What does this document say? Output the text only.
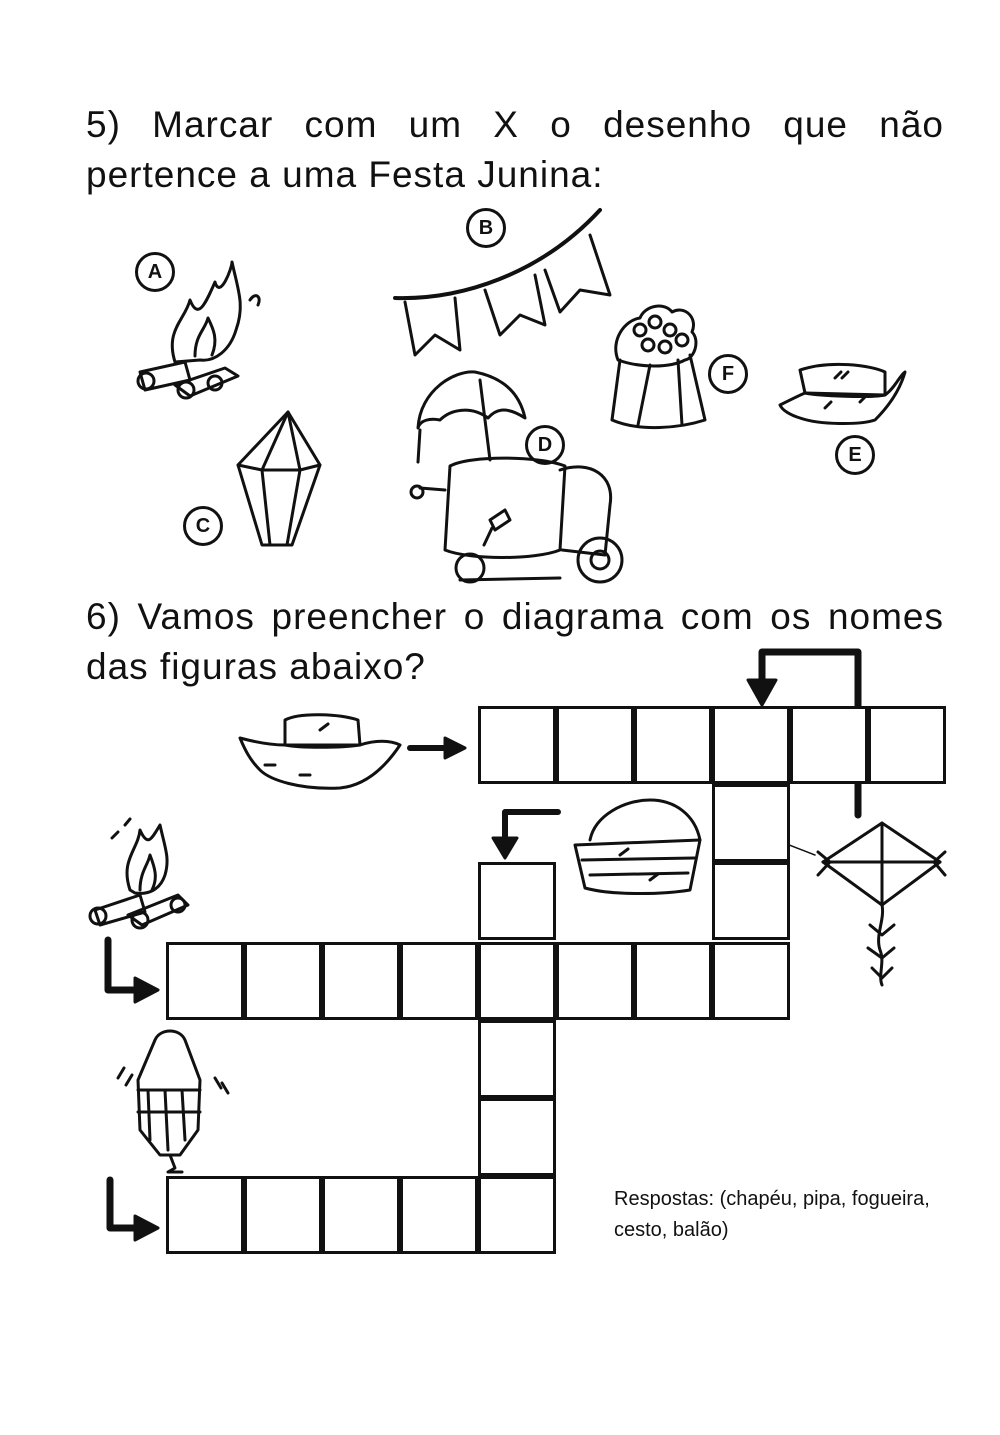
5) Marcar com um X o desenho que não pertence a uma Festa Junina:
A
B
C
D	E
F
6) Vamos preencher o diagrama com os nomes das figuras abaixo?
Respostas: (chapéu, pipa, fogueira, cesto, balão)
